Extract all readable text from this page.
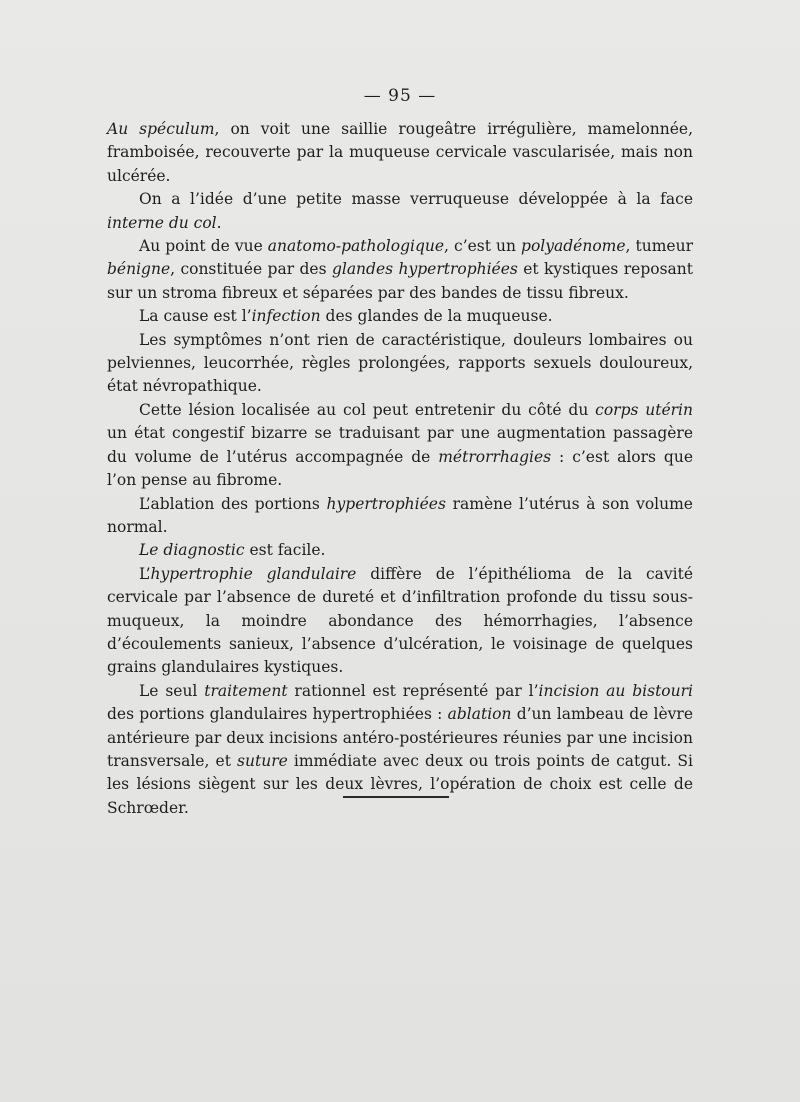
— 95 —

Au spéculum, on voit une saillie rougeâtre irrégulière, mamelonnée, framboisée, recouverte par la muqueuse cervicale vascularisée, mais non ulcérée.

On a l’idée d’une petite masse verruqueuse développée à la face interne du col.

Au point de vue anatomo-pathologique, c’est un polyadénome, tumeur bénigne, constituée par des glandes hypertrophiées et kystiques reposant sur un stroma fibreux et séparées par des bandes de tissu fibreux.

La cause est l’infection des glandes de la muqueuse.

Les symptômes n’ont rien de caractéristique, douleurs lombaires ou pelviennes, leucorrhée, règles prolongées, rapports sexuels douloureux, état névropathique.

Cette lésion localisée au col peut entretenir du côté du corps utérin un état congestif bizarre se traduisant par une augmentation passagère du volume de l’utérus accompagnée de métrorrhagies : c’est alors que l’on pense au fibrome.

L’ablation des portions hypertrophiées ramène l’utérus à son volume normal.

Le diagnostic est facile.

L’hypertrophie glandulaire diffère de l’épithélioma de la cavité cervicale par l’absence de dureté et d’infiltration profonde du tissu sous-muqueux, la moindre abondance des hémorrhagies, l’absence d’écoulements sanieux, l’absence d’ulcération, le voisinage de quelques grains glandulaires kystiques.

Le seul traitement rationnel est représenté par l’incision au bistouri des portions glandulaires hypertrophiées : ablation d’un lambeau de lèvre antérieure par deux incisions antéro-postérieures réunies par une incision transversale, et suture immédiate avec deux ou trois points de catgut. Si les lésions siègent sur les deux lèvres, l’opération de choix est celle de Schrœder.
